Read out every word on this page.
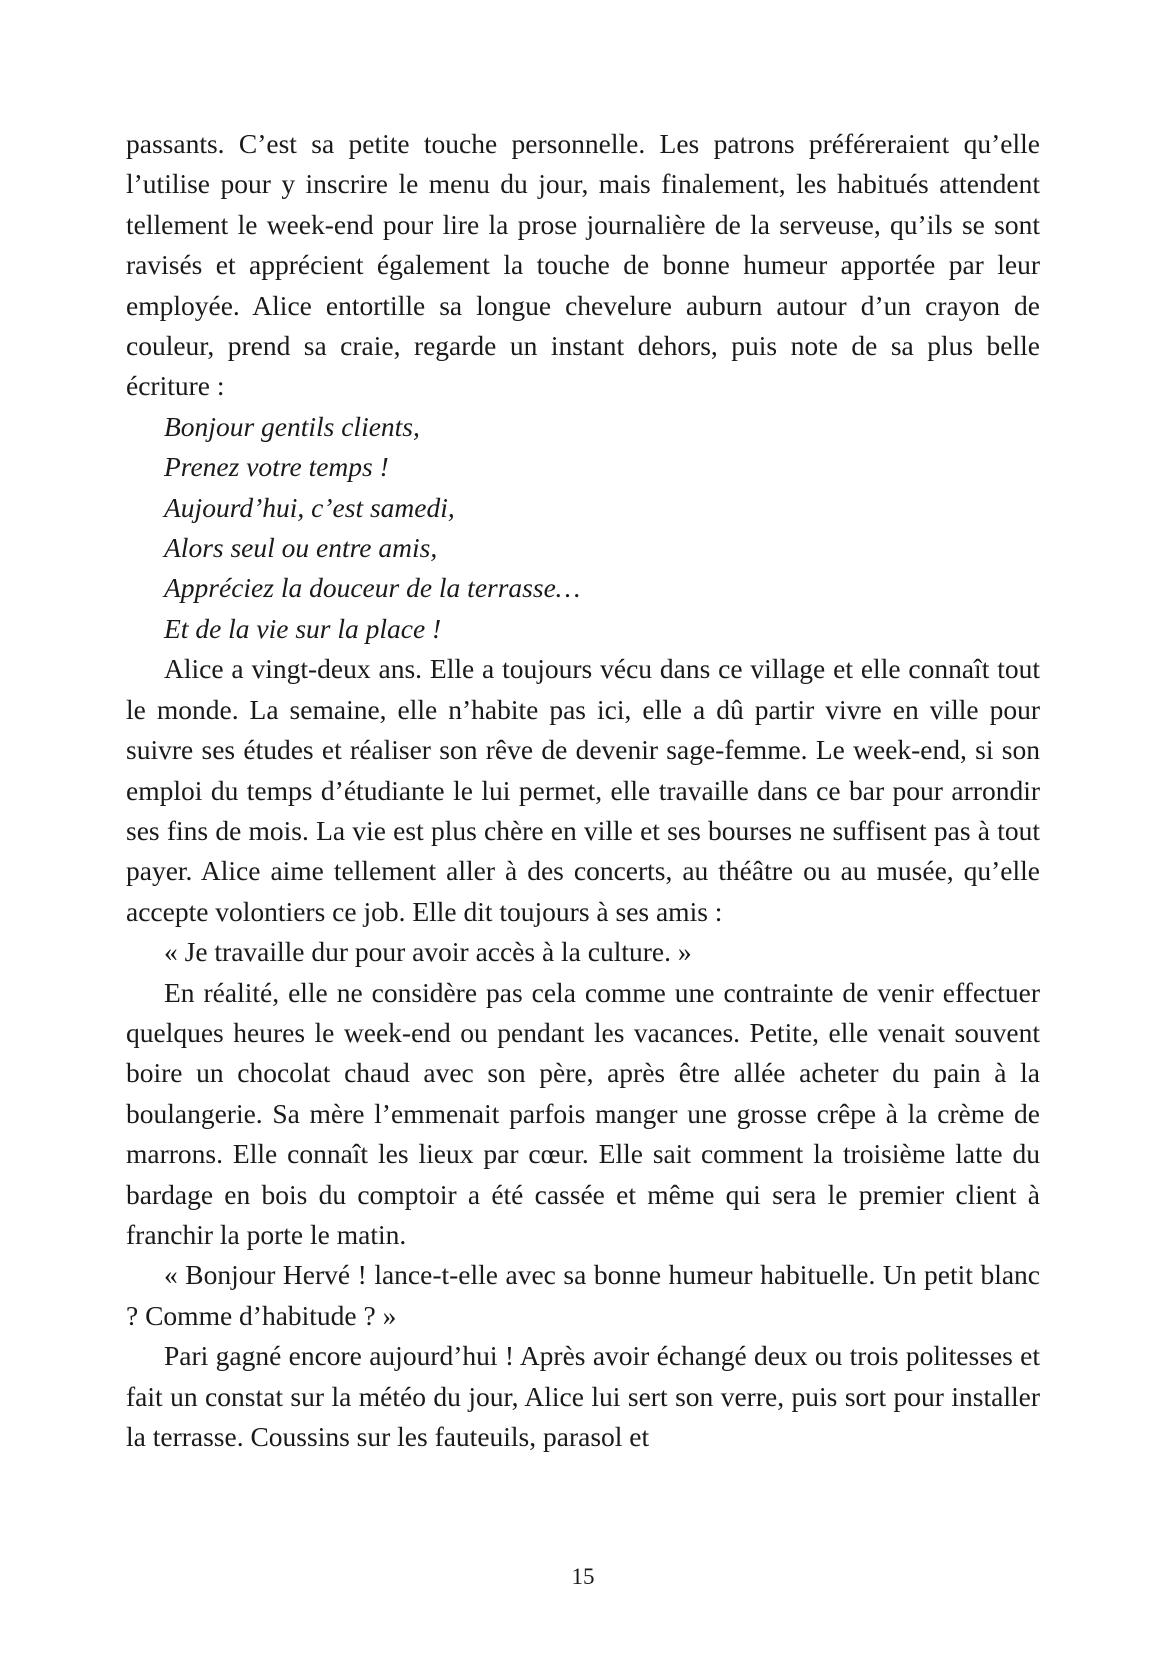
passants. C’est sa petite touche personnelle. Les patrons préféreraient qu’elle l’utilise pour y inscrire le menu du jour, mais finalement, les habitués attendent tellement le week-end pour lire la prose journalière de la serveuse, qu’ils se sont ravisés et apprécient également la touche de bonne humeur apportée par leur employée. Alice entortille sa longue chevelure auburn autour d’un crayon de couleur, prend sa craie, regarde un instant dehors, puis note de sa plus belle écriture :

Bonjour gentils clients,

Prenez votre temps !

Aujourd’hui, c’est samedi,

Alors seul ou entre amis,

Appréciez la douceur de la terrasse…

Et de la vie sur la place !

Alice a vingt-deux ans. Elle a toujours vécu dans ce village et elle connaît tout le monde. La semaine, elle n’habite pas ici, elle a dû partir vivre en ville pour suivre ses études et réaliser son rêve de devenir sage-femme. Le week-end, si son emploi du temps d’étudiante le lui permet, elle travaille dans ce bar pour arrondir ses fins de mois. La vie est plus chère en ville et ses bourses ne suffisent pas à tout payer. Alice aime tellement aller à des concerts, au théâtre ou au musée, qu’elle accepte volontiers ce job. Elle dit toujours à ses amis :

« Je travaille dur pour avoir accès à la culture. »

En réalité, elle ne considère pas cela comme une contrainte de venir effectuer quelques heures le week-end ou pendant les vacances. Petite, elle venait souvent boire un chocolat chaud avec son père, après être allée acheter du pain à la boulangerie. Sa mère l’emmenait parfois manger une grosse crêpe à la crème de marrons. Elle connaît les lieux par cœur. Elle sait comment la troisième latte du bardage en bois du comptoir a été cassée et même qui sera le premier client à franchir la porte le matin.

« Bonjour Hervé ! lance-t-elle avec sa bonne humeur habituelle. Un petit blanc ? Comme d’habitude ? »

Pari gagné encore aujourd’hui ! Après avoir échangé deux ou trois politesses et fait un constat sur la météo du jour, Alice lui sert son verre, puis sort pour installer la terrasse. Coussins sur les fauteuils, parasol et

15
